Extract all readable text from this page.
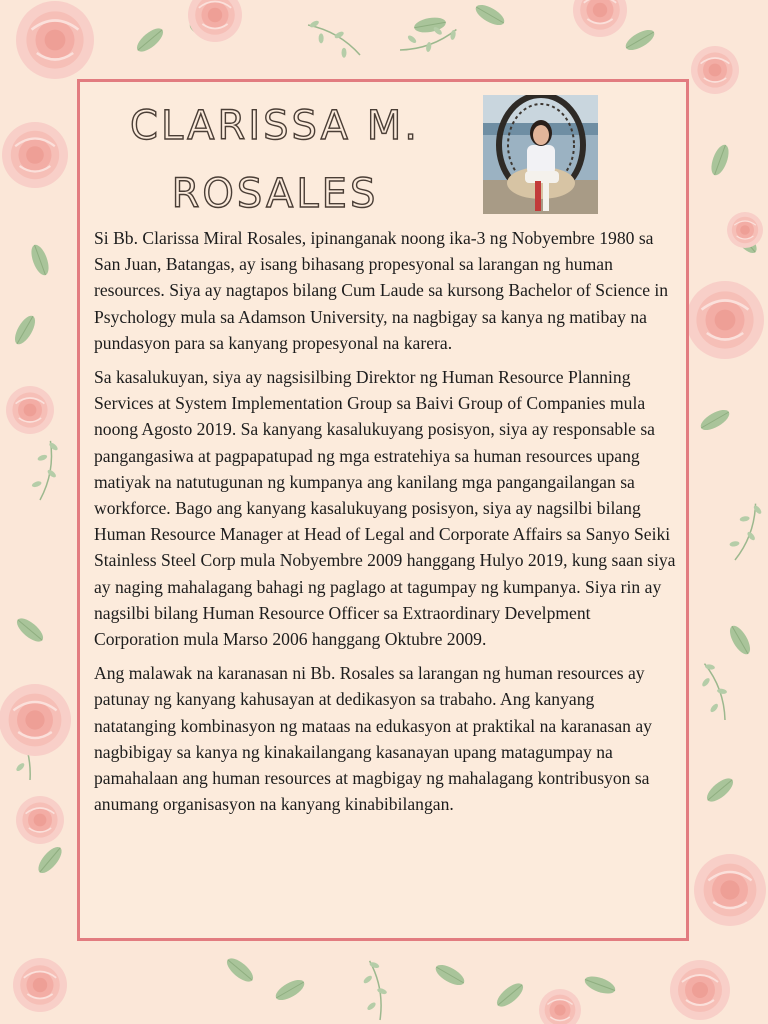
CLARISSA M.
ROSALES

Si Bb. Clarissa Miral Rosales, ipinanganak noong ika-3 ng Nobyembre 1980 sa San Juan, Batangas, ay isang bihasang propesyonal sa larangan ng human resources. Siya ay nagtapos bilang Cum Laude sa kursong Bachelor of Science in Psychology mula sa Adamson University, na nagbigay sa kanya ng matibay na pundasyon para sa kanyang propesyonal na karera.

Sa kasalukuyan, siya ay nagsisilbing Direktor ng Human Resource Planning Services at System Implementation Group sa Baivi Group of Companies mula noong Agosto 2019. Sa kanyang kasalukuyang posisyon, siya ay responsable sa pangangasiwa at pagpapatupad ng mga estratehiya sa human resources upang matiyak na natutugunan ng kumpanya ang kanilang mga pangangailangan sa workforce. Bago ang kanyang kasalukuyang posisyon, siya ay nagsilbi bilang Human Resource Manager at Head of Legal and Corporate Affairs sa Sanyo Seiki Stainless Steel Corp mula Nobyembre 2009 hanggang Hulyo 2019, kung saan siya ay naging mahalagang bahagi ng paglago at tagumpay ng kumpanya. Siya rin ay nagsilbi bilang Human Resource Officer sa Extraordinary Develpment Corporation mula Marso 2006 hanggang Oktubre 2009.

Ang malawak na karanasan ni Bb. Rosales sa larangan ng human resources ay patunay ng kanyang kahusayan at dedikasyon sa trabaho. Ang kanyang natatanging kombinasyon ng mataas na edukasyon at praktikal na karanasan ay nagbibigay sa kanya ng kinakailangang kasanayan upang matagumpay na pamahalaan ang human resources at magbigay ng mahalagang kontribusyon sa anumang organisasyon na kanyang kinabibilangan.
